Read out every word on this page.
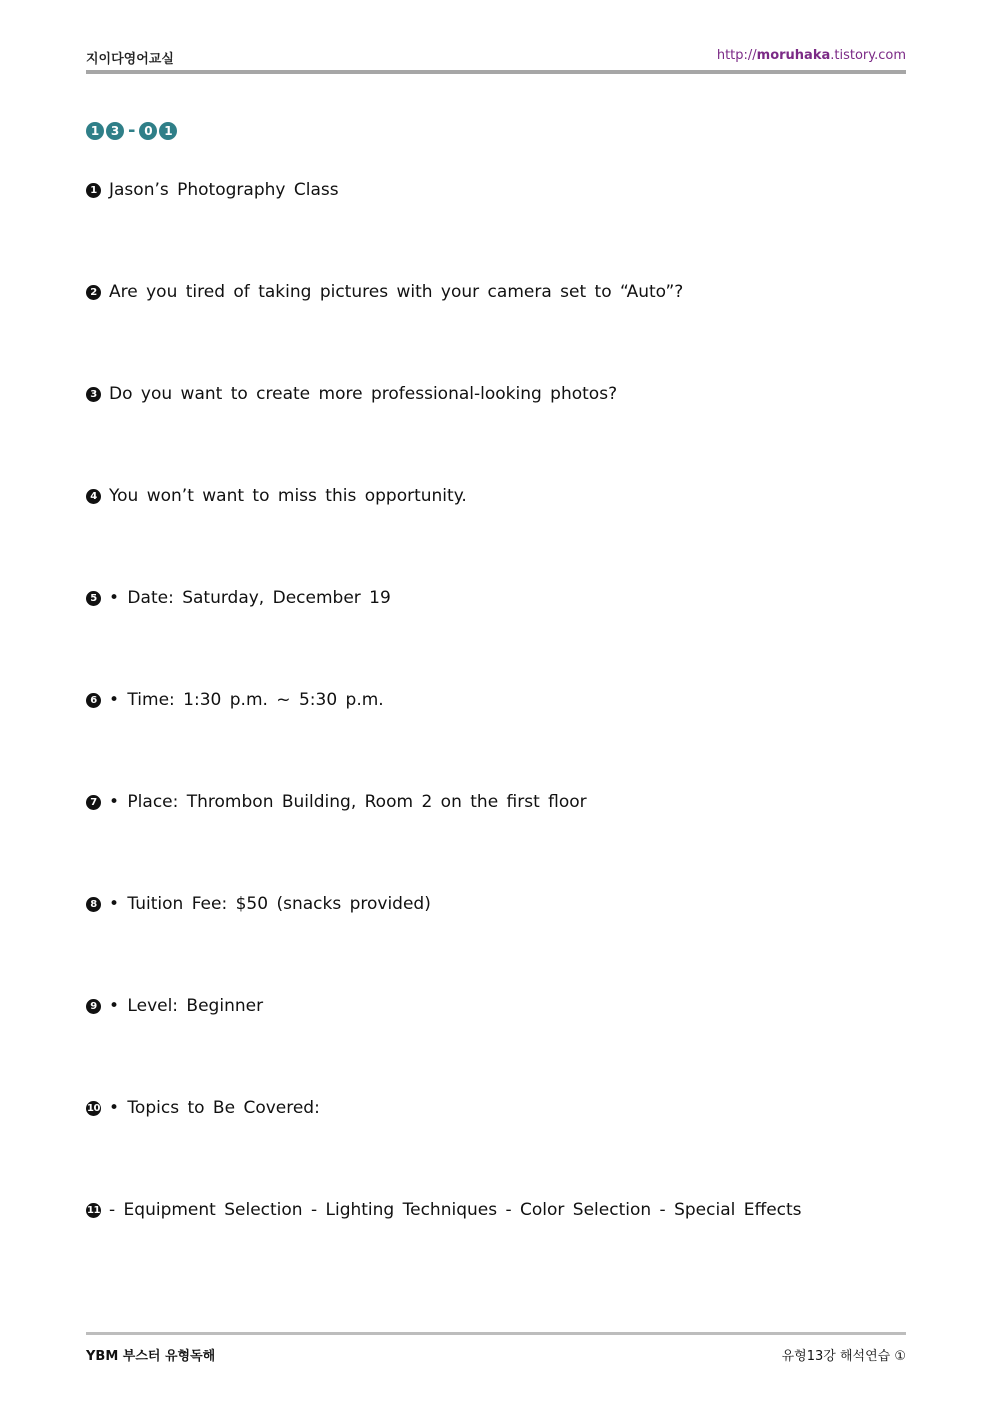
지이다영어교실	http://moruhaka.tistory.com
1 3 - 0 1
1 Jason’s Photography Class
2 Are you tired of taking pictures with your camera set to “Auto”?
3 Do you want to create more professional-looking photos?
4 You won’t want to miss this opportunity.
5 • Date: Saturday, December 19
6 • Time: 1:30 p.m. ~ 5:30 p.m.
7 • Place: Thrombon Building, Room 2 on the first floor
8 • Tuition Fee: $50 (snacks provided)
9 • Level: Beginner
10 • Topics to Be Covered:
11 - Equipment Selection - Lighting Techniques - Color Selection - Special Effects
YBM 부스터 유형독해	유형13강 해석연습 ①
